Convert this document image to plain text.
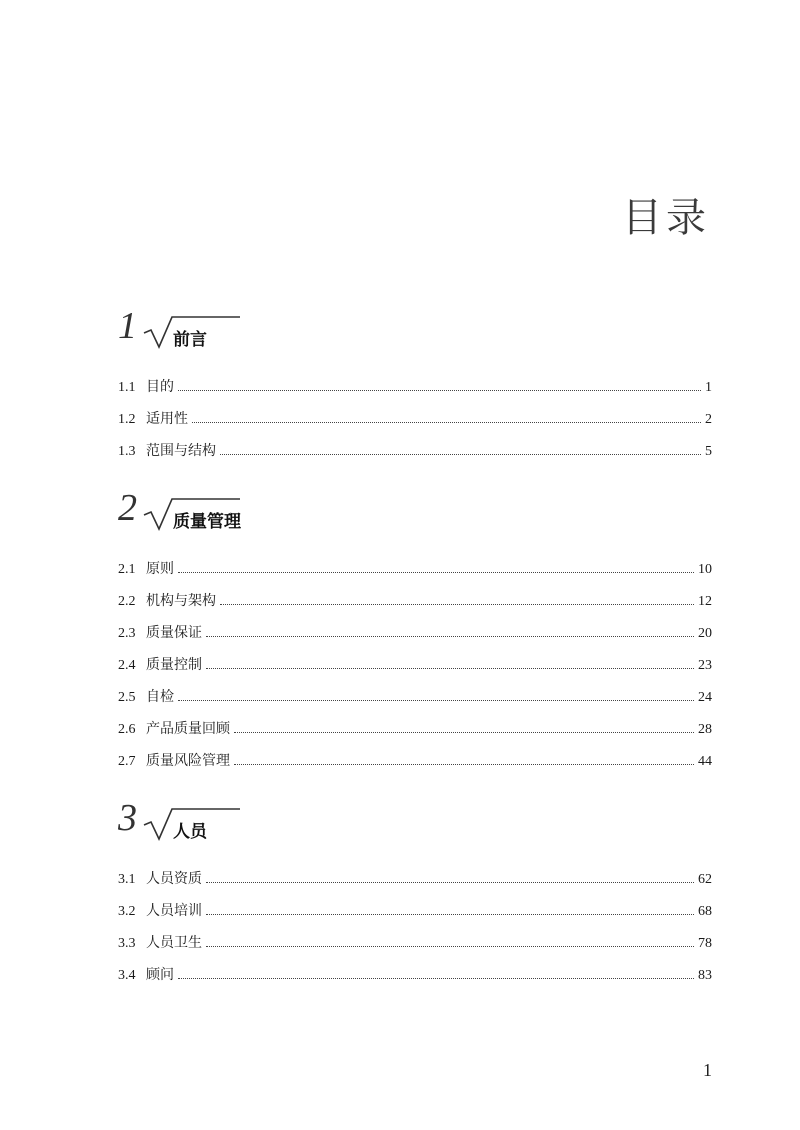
目录
1 前言
1.1 目的	1
1.2 适用性	2
1.3 范围与结构	5
2 质量管理
2.1 原则	10
2.2 机构与架构	12
2.3 质量保证	20
2.4 质量控制	23
2.5 自检	24
2.6 产品质量回顾	28
2.7 质量风险管理	44
3 人员
3.1 人员资质	62
3.2 人员培训	68
3.3 人员卫生	78
3.4 顾问	83
1
